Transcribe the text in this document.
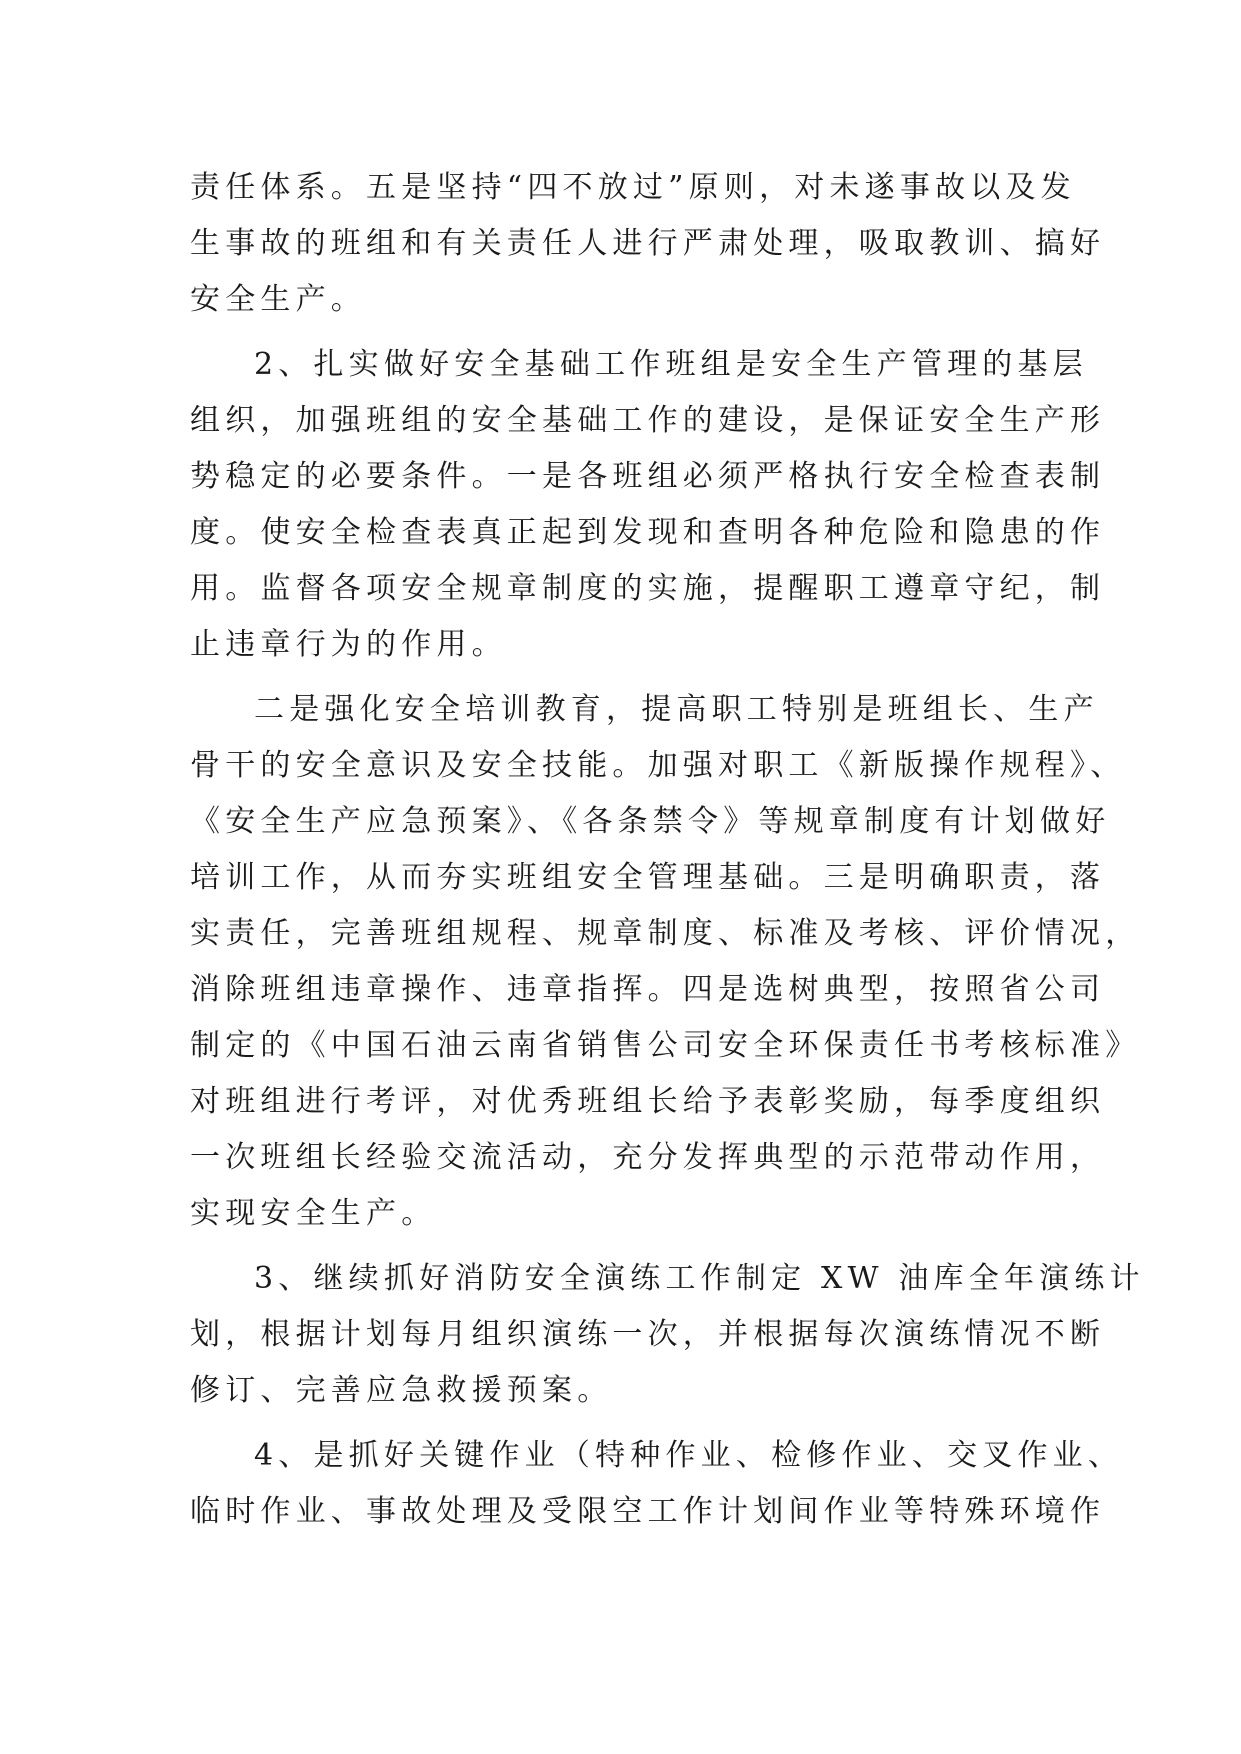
责任体系。五是坚持“四不放过”原则，对未遂事故以及发
生事故的班组和有关责任人进行严肃处理，吸取教训、搞好
安全生产。
2、扎实做好安全基础工作班组是安全生产管理的基层
组织，加强班组的安全基础工作的建设，是保证安全生产形
势稳定的必要条件。一是各班组必须严格执行安全检查表制
度。使安全检查表真正起到发现和查明各种危险和隐患的作
用。监督各项安全规章制度的实施，提醒职工遵章守纪，制
止违章行为的作用。
二是强化安全培训教育，提高职工特别是班组长、生产
骨干的安全意识及安全技能。加强对职工《新版操作规程》、
《安全生产应急预案》、《各条禁令》等规章制度有计划做好
培训工作，从而夯实班组安全管理基础。三是明确职责，落
实责任，完善班组规程、规章制度、标准及考核、评价情况，
消除班组违章操作、违章指挥。四是选树典型，按照省公司
制定的《中国石油云南省销售公司安全环保责任书考核标准》
对班组进行考评，对优秀班组长给予表彰奖励，每季度组织
一次班组长经验交流活动，充分发挥典型的示范带动作用，
实现安全生产。
3、继续抓好消防安全演练工作制定 XW 油库全年演练计
划，根据计划每月组织演练一次，并根据每次演练情况不断
修订、完善应急救援预案。
4、是抓好关键作业（特种作业、检修作业、交叉作业、
临时作业、事故处理及受限空工作计划间作业等特殊环境作
